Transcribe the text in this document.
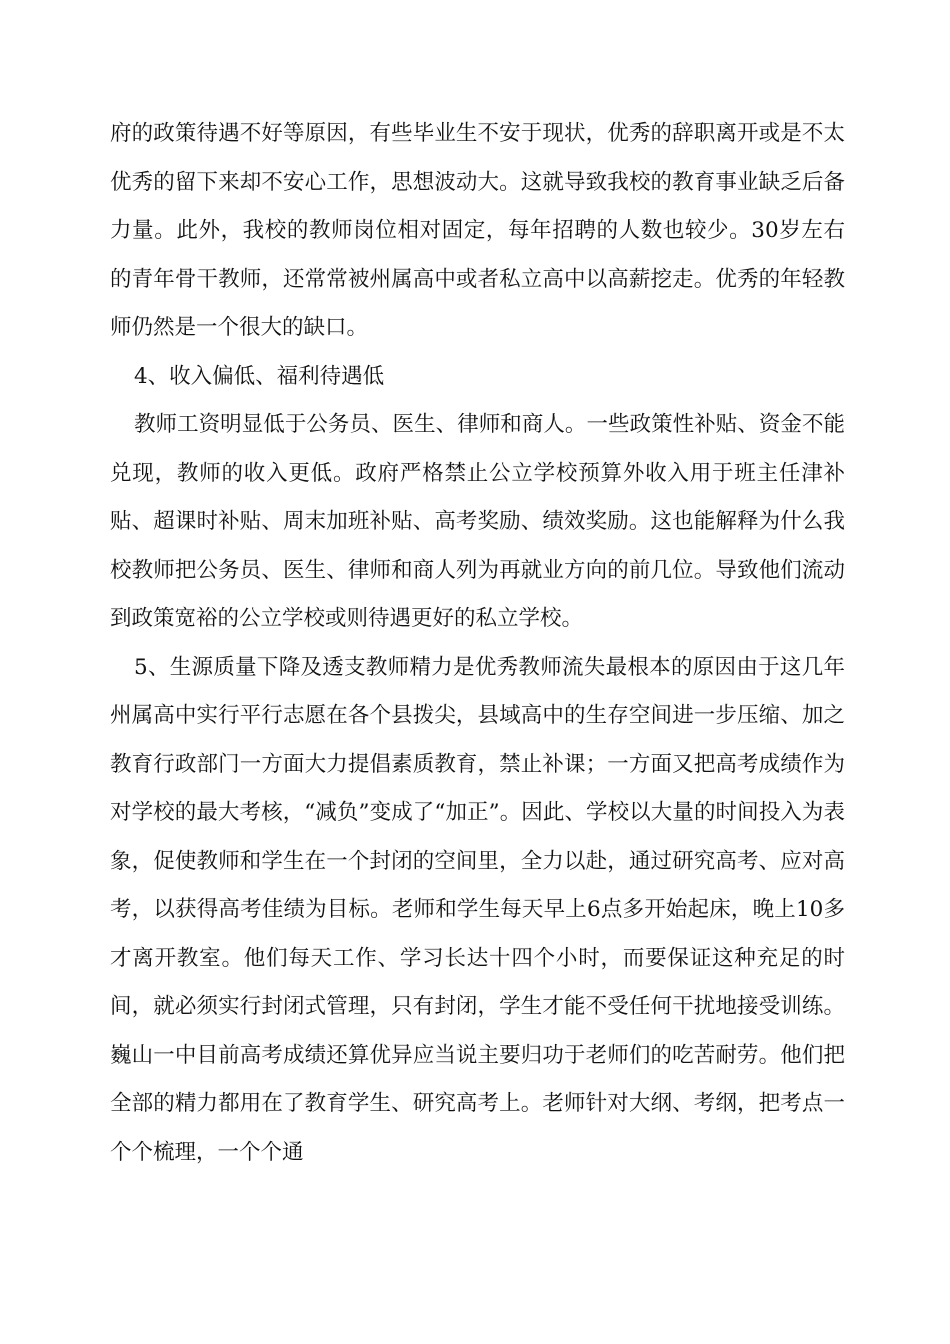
府的政策待遇不好等原因，有些毕业生不安于现状，优秀的辞职离开或是不太优秀的留下来却不安心工作，思想波动大。这就导致我校的教育事业缺乏后备力量。此外，我校的教师岗位相对固定，每年招聘的人数也较少。30岁左右的青年骨干教师，还常常被州属高中或者私立高中以高薪挖走。优秀的年轻教师仍然是一个很大的缺口。

4、收入偏低、福利待遇低

教师工资明显低于公务员、医生、律师和商人。一些政策性补贴、资金不能兑现，教师的收入更低。政府严格禁止公立学校预算外收入用于班主任津补贴、超课时补贴、周末加班补贴、高考奖励、绩效奖励。这也能解释为什么我校教师把公务员、医生、律师和商人列为再就业方向的前几位。导致他们流动到政策宽裕的公立学校或则待遇更好的私立学校。

5、生源质量下降及透支教师精力是优秀教师流失最根本的原因由于这几年州属高中实行平行志愿在各个县拨尖，县域高中的生存空间进一步压缩、加之教育行政部门一方面大力提倡素质教育，禁止补课；一方面又把高考成绩作为对学校的最大考核，“减负”变成了“加正”。因此、学校以大量的时间投入为表象，促使教师和学生在一个封闭的空间里，全力以赴，通过研究高考、应对高考，以获得高考佳绩为目标。老师和学生每天早上6点多开始起床，晚上10多才离开教室。他们每天工作、学习长达十四个小时，而要保证这种充足的时间，就必须实行封闭式管理，只有封闭，学生才能不受任何干扰地接受训练。巍山一中目前高考成绩还算优异应当说主要归功于老师们的吃苦耐劳。他们把全部的精力都用在了教育学生、研究高考上。老师针对大纲、考纲，把考点一个个梳理，一个个通
